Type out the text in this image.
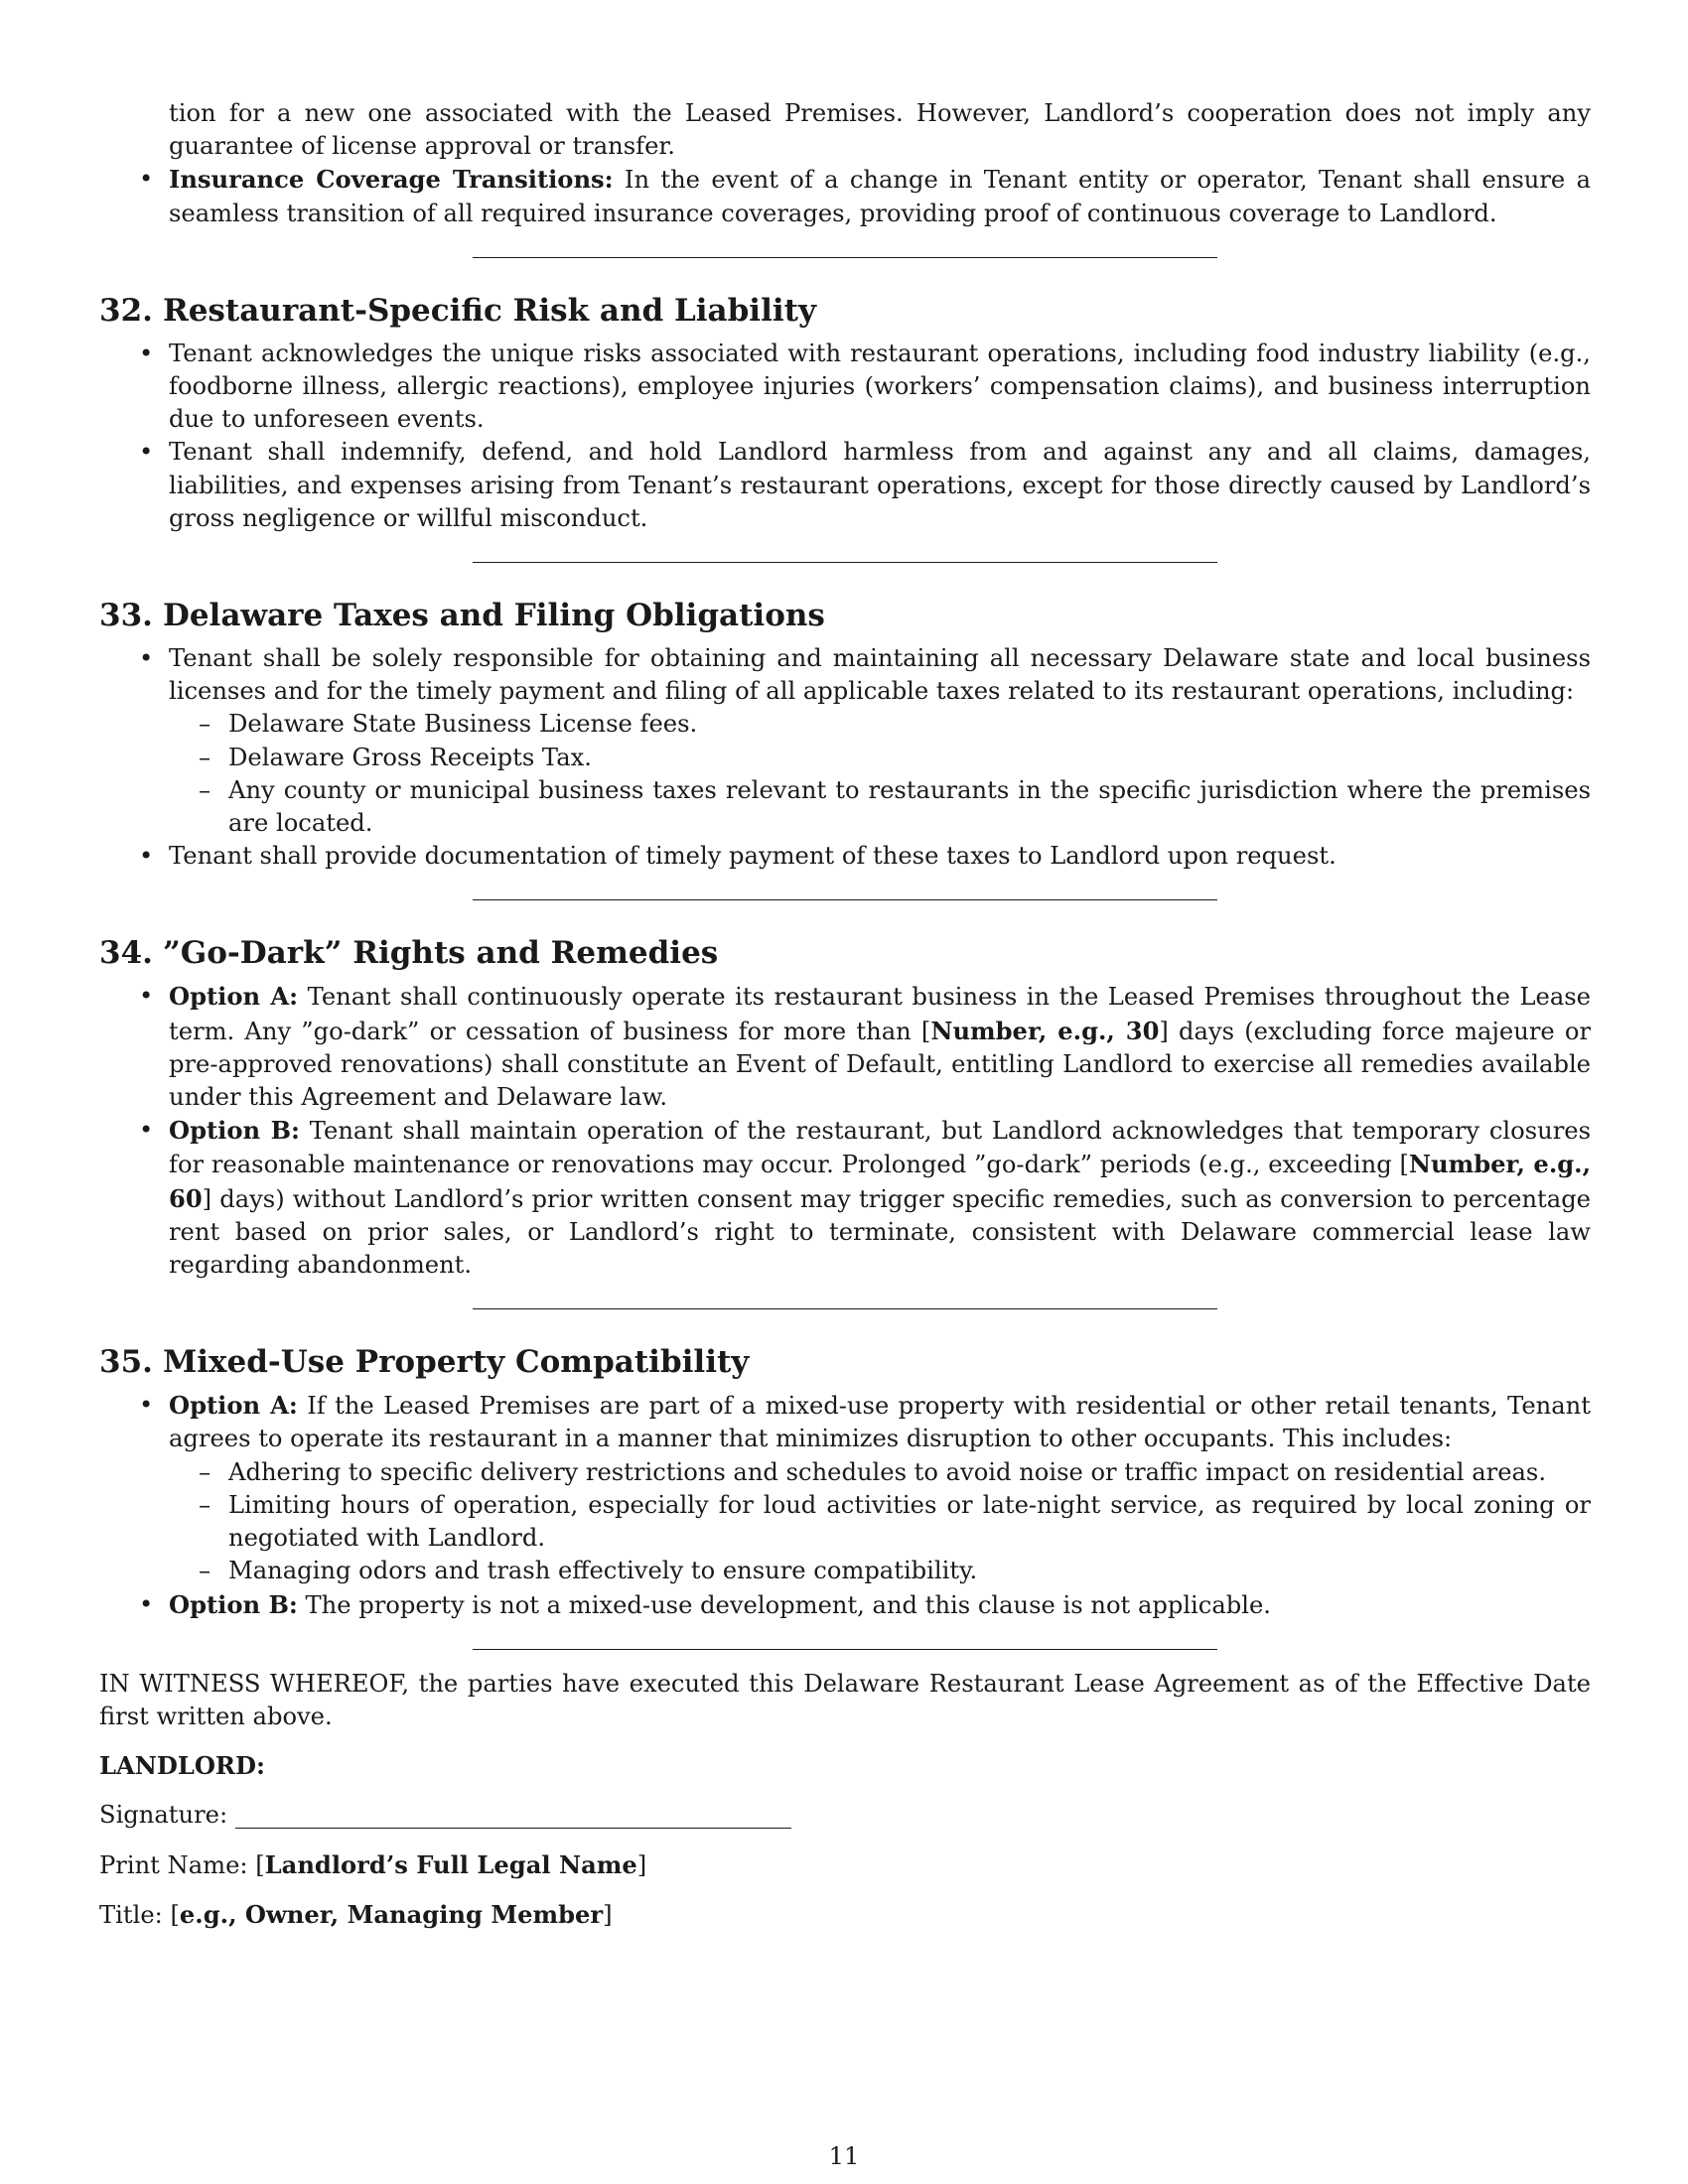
tion for a new one associated with the Leased Premises. However, Landlord’s cooperation does not imply any guarantee of license approval or transfer.

• Insurance Coverage Transitions: In the event of a change in Tenant entity or operator, Tenant shall ensure a seamless transition of all required insurance coverages, providing proof of continuous coverage to Landlord.
32. Restaurant-Specific Risk and Liability
• Tenant acknowledges the unique risks associated with restaurant operations, including food industry liability (e.g., foodborne illness, allergic reactions), employee injuries (workers’ compensation claims), and business interruption due to unforeseen events.
• Tenant shall indemnify, defend, and hold Landlord harmless from and against any and all claims, damages, liabilities, and expenses arising from Tenant’s restaurant operations, except for those directly caused by Landlord’s gross negligence or willful misconduct.
33. Delaware Taxes and Filing Obligations
• Tenant shall be solely responsible for obtaining and maintaining all necessary Delaware state and local business licenses and for the timely payment and filing of all applicable taxes related to its restaurant operations, including:
– Delaware State Business License fees.
– Delaware Gross Receipts Tax.
– Any county or municipal business taxes relevant to restaurants in the specific jurisdiction where the premises are located.
• Tenant shall provide documentation of timely payment of these taxes to Landlord upon request.
34. ”Go-Dark” Rights and Remedies
• Option A: Tenant shall continuously operate its restaurant business in the Leased Premises throughout the Lease term. Any ”go-dark” or cessation of business for more than [Number, e.g., 30] days (excluding force majeure or pre-approved renovations) shall constitute an Event of Default, entitling Landlord to exercise all remedies available under this Agreement and Delaware law.
• Option B: Tenant shall maintain operation of the restaurant, but Landlord acknowledges that temporary closures for reasonable maintenance or renovations may occur. Prolonged ”go-dark” periods (e.g., exceeding [Number, e.g., 60] days) without Landlord’s prior written consent may trigger specific remedies, such as conversion to percentage rent based on prior sales, or Landlord’s right to terminate, consistent with Delaware commercial lease law regarding abandonment.
35. Mixed-Use Property Compatibility
• Option A: If the Leased Premises are part of a mixed-use property with residential or other retail tenants, Tenant agrees to operate its restaurant in a manner that minimizes disruption to other occupants. This includes:
– Adhering to specific delivery restrictions and schedules to avoid noise or traffic impact on residential areas.
– Limiting hours of operation, especially for loud activities or late-night service, as required by local zoning or negotiated with Landlord.
– Managing odors and trash effectively to ensure compatibility.
• Option B: The property is not a mixed-use development, and this clause is not applicable.

IN WITNESS WHEREOF, the parties have executed this Delaware Restaurant Lease Agreement as of the Effective Date first written above.

LANDLORD:

Signature:

Print Name: [Landlord’s Full Legal Name]

Title: [e.g., Owner, Managing Member]

11
